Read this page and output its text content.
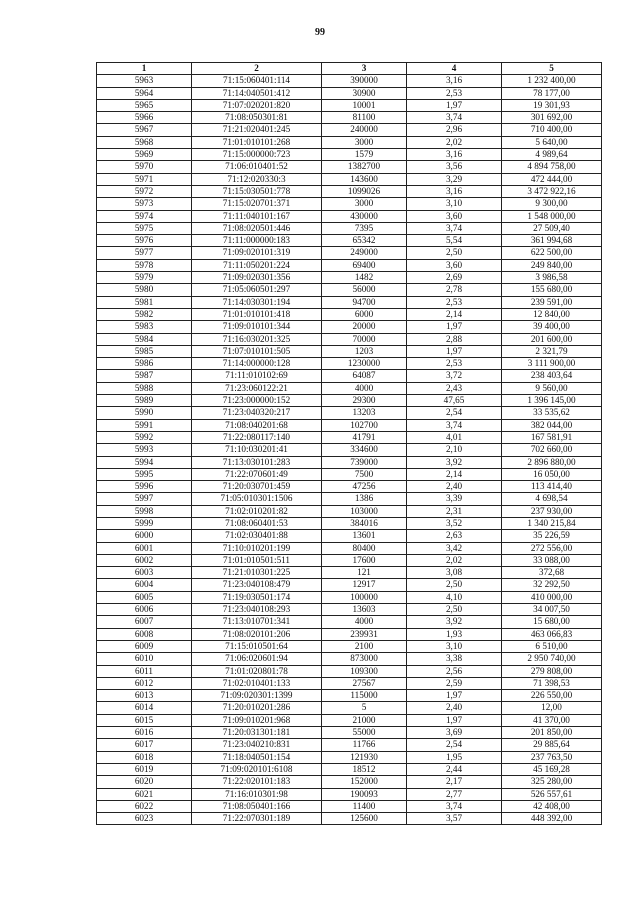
99
1	2	3	4	5
5963	71:15:060401:114	390000	3,16	1 232 400,00
5964	71:14:040501:412	30900	2,53	78 177,00
5965	71:07:020201:820	10001	1,97	19 301,93
5966	71:08:050301:81	81100	3,74	301 692,00
5967	71:21:020401:245	240000	2,96	710 400,00
5968	71:01:010101:268	3000	2,02	5 640,00
5969	71:15:000000:723	1579	3,16	4 989,64
5970	71:06:010401:52	1382700	3,56	4 894 758,00
5971	71:12:020330:3	143600	3,29	472 444,00
5972	71:15:030501:778	1099026	3,16	3 472 922,16
5973	71:15:020701:371	3000	3,10	9 300,00
5974	71:11:040101:167	430000	3,60	1 548 000,00
5975	71:08:020501:446	7395	3,74	27 509,40
5976	71:11:000000:183	65342	5,54	361 994,68
5977	71:09:020101:319	249000	2,50	622 500,00
5978	71:11:050201:224	69400	3,60	249 840,00
5979	71:09:020301:356	1482	2,69	3 986,58
5980	71:05:060501:297	56000	2,78	155 680,00
5981	71:14:030301:194	94700	2,53	239 591,00
5982	71:01:010101:418	6000	2,14	12 840,00
5983	71:09:010101:344	20000	1,97	39 400,00
5984	71:16:030201:325	70000	2,88	201 600,00
5985	71:07:010101:505	1203	1,97	2 321,79
5986	71:14:000000:128	1230000	2,53	3 111 900,00
5987	71:11:010102:69	64087	3,72	238 403,64
5988	71:23:060122:21	4000	2,43	9 560,00
5989	71:23:000000:152	29300	47,65	1 396 145,00
5990	71:23:040320:217	13203	2,54	33 535,62
5991	71:08:040201:68	102700	3,74	382 044,00
5992	71:22:080117:140	41791	4,01	167 581,91
5993	71:10:030201:41	334600	2,10	702 660,00
5994	71:13:030101:283	739000	3,92	2 896 880,00
5995	71:22:070601:49	7500	2,14	16 050,00
5996	71:20:030701:459	47256	2,40	113 414,40
5997	71:05:010301:1506	1386	3,39	4 698,54
5998	71:02:010201:82	103000	2,31	237 930,00
5999	71:08:060401:53	384016	3,52	1 340 215,84
6000	71:02:030401:88	13601	2,63	35 226,59
6001	71:10:010201:199	80400	3,42	272 556,00
6002	71:01:010501:511	17600	2,02	33 088,00
6003	71:21:010301:225	121	3,08	372,68
6004	71:23:040108:479	12917	2,50	32 292,50
6005	71:19:030501:174	100000	4,10	410 000,00
6006	71:23:040108:293	13603	2,50	34 007,50
6007	71:13:010701:341	4000	3,92	15 680,00
6008	71:08:020101:206	239931	1,93	463 066,83
6009	71:15:010501:64	2100	3,10	6 510,00
6010	71:06:020601:94	873000	3,38	2 950 740,00
6011	71:01:020801:78	109300	2,56	279 808,00
6012	71:02:010401:133	27567	2,59	71 398,53
6013	71:09:020301:1399	115000	1,97	226 550,00
6014	71:20:010201:286	5	2,40	12,00
6015	71:09:010201:968	21000	1,97	41 370,00
6016	71:20:031301:181	55000	3,69	201 850,00
6017	71:23:040210:831	11766	2,54	29 885,64
6018	71:18:040501:154	121930	1,95	237 763,50
6019	71:09:020101:6108	18512	2,44	45 169,28
6020	71:22:020101:183	152000	2,17	325 280,00
6021	71:16:010301:98	190093	2,77	526 557,61
6022	71:08:050401:166	11400	3,74	42 408,00
6023	71:22:070301:189	125600	3,57	448 392,00
